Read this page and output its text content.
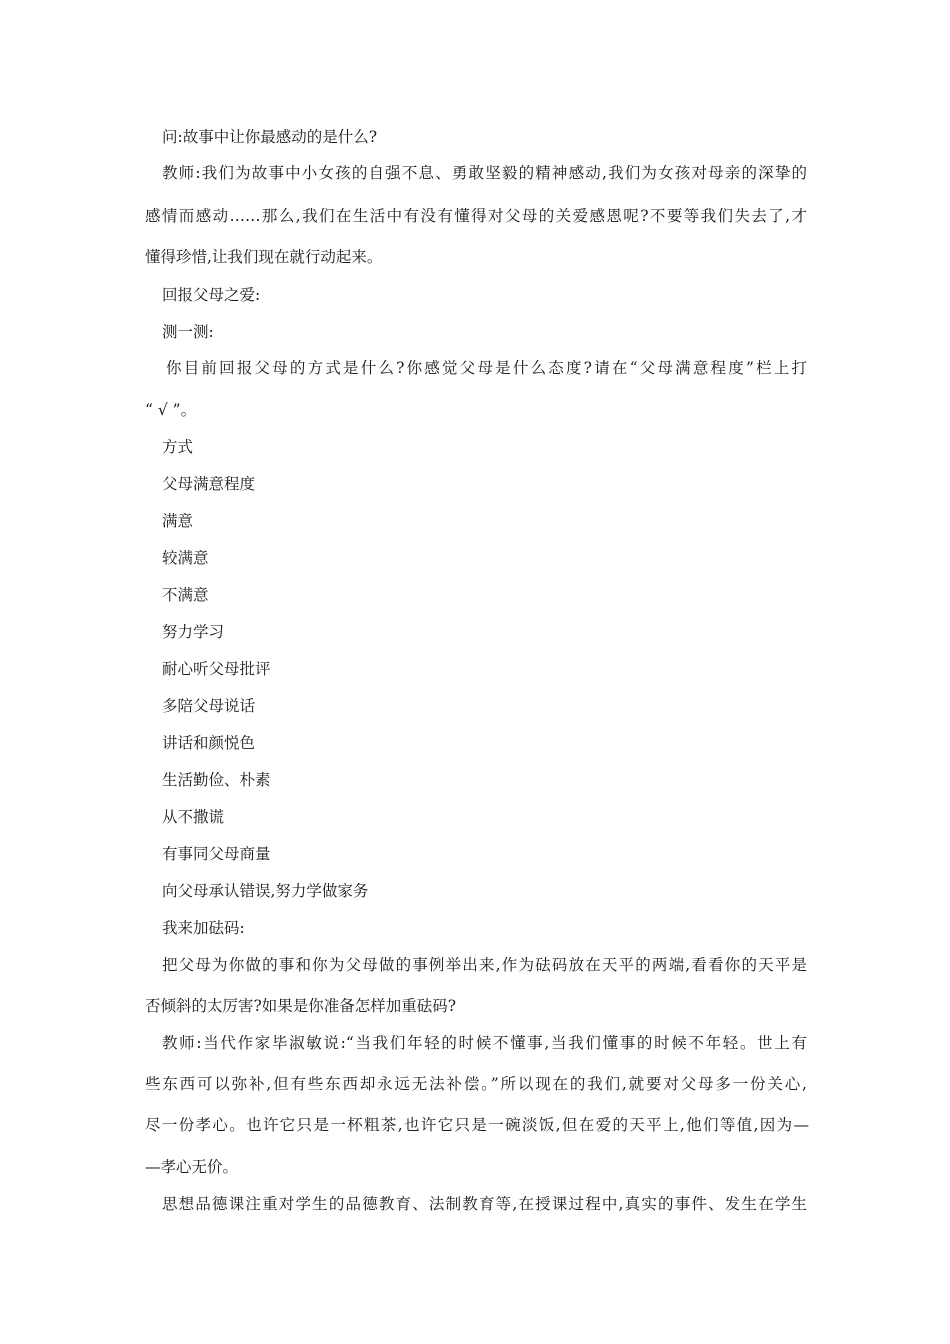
问:故事中让你最感动的是什么?
教师:我们为故事中小女孩的自强不息、勇敢坚毅的精神感动,我们为女孩对母亲的深挚的
感情而感动……那么,我们在生活中有没有懂得对父母的关爱感恩呢?不要等我们失去了,才
懂得珍惜,让我们现在就行动起来。
回报父母之爱:
测一测:
你目前回报父母的方式是什么?你感觉父母是什么态度?请在“父母满意程度”栏上打
“ √ ”。
方式
父母满意程度
满意
较满意
不满意
努力学习
耐心听父母批评
多陪父母说话
讲话和颜悦色
生活勤俭、朴素
从不撒谎
有事同父母商量
向父母承认错误,努力学做家务
我来加砝码:
把父母为你做的事和你为父母做的事例举出来,作为砝码放在天平的两端,看看你的天平是
否倾斜的太厉害?如果是你准备怎样加重砝码?
教师:当代作家毕淑敏说:“当我们年轻的时候不懂事,当我们懂事的时候不年轻。世上有
些东西可以弥补,但有些东西却永远无法补偿。”所以现在的我们,就要对父母多一份关心,
尽一份孝心。也许它只是一杯粗茶,也许它只是一碗淡饭,但在爱的天平上,他们等值,因为—
—孝心无价。
思想品德课注重对学生的品德教育、法制教育等,在授课过程中,真实的事件、发生在学生
